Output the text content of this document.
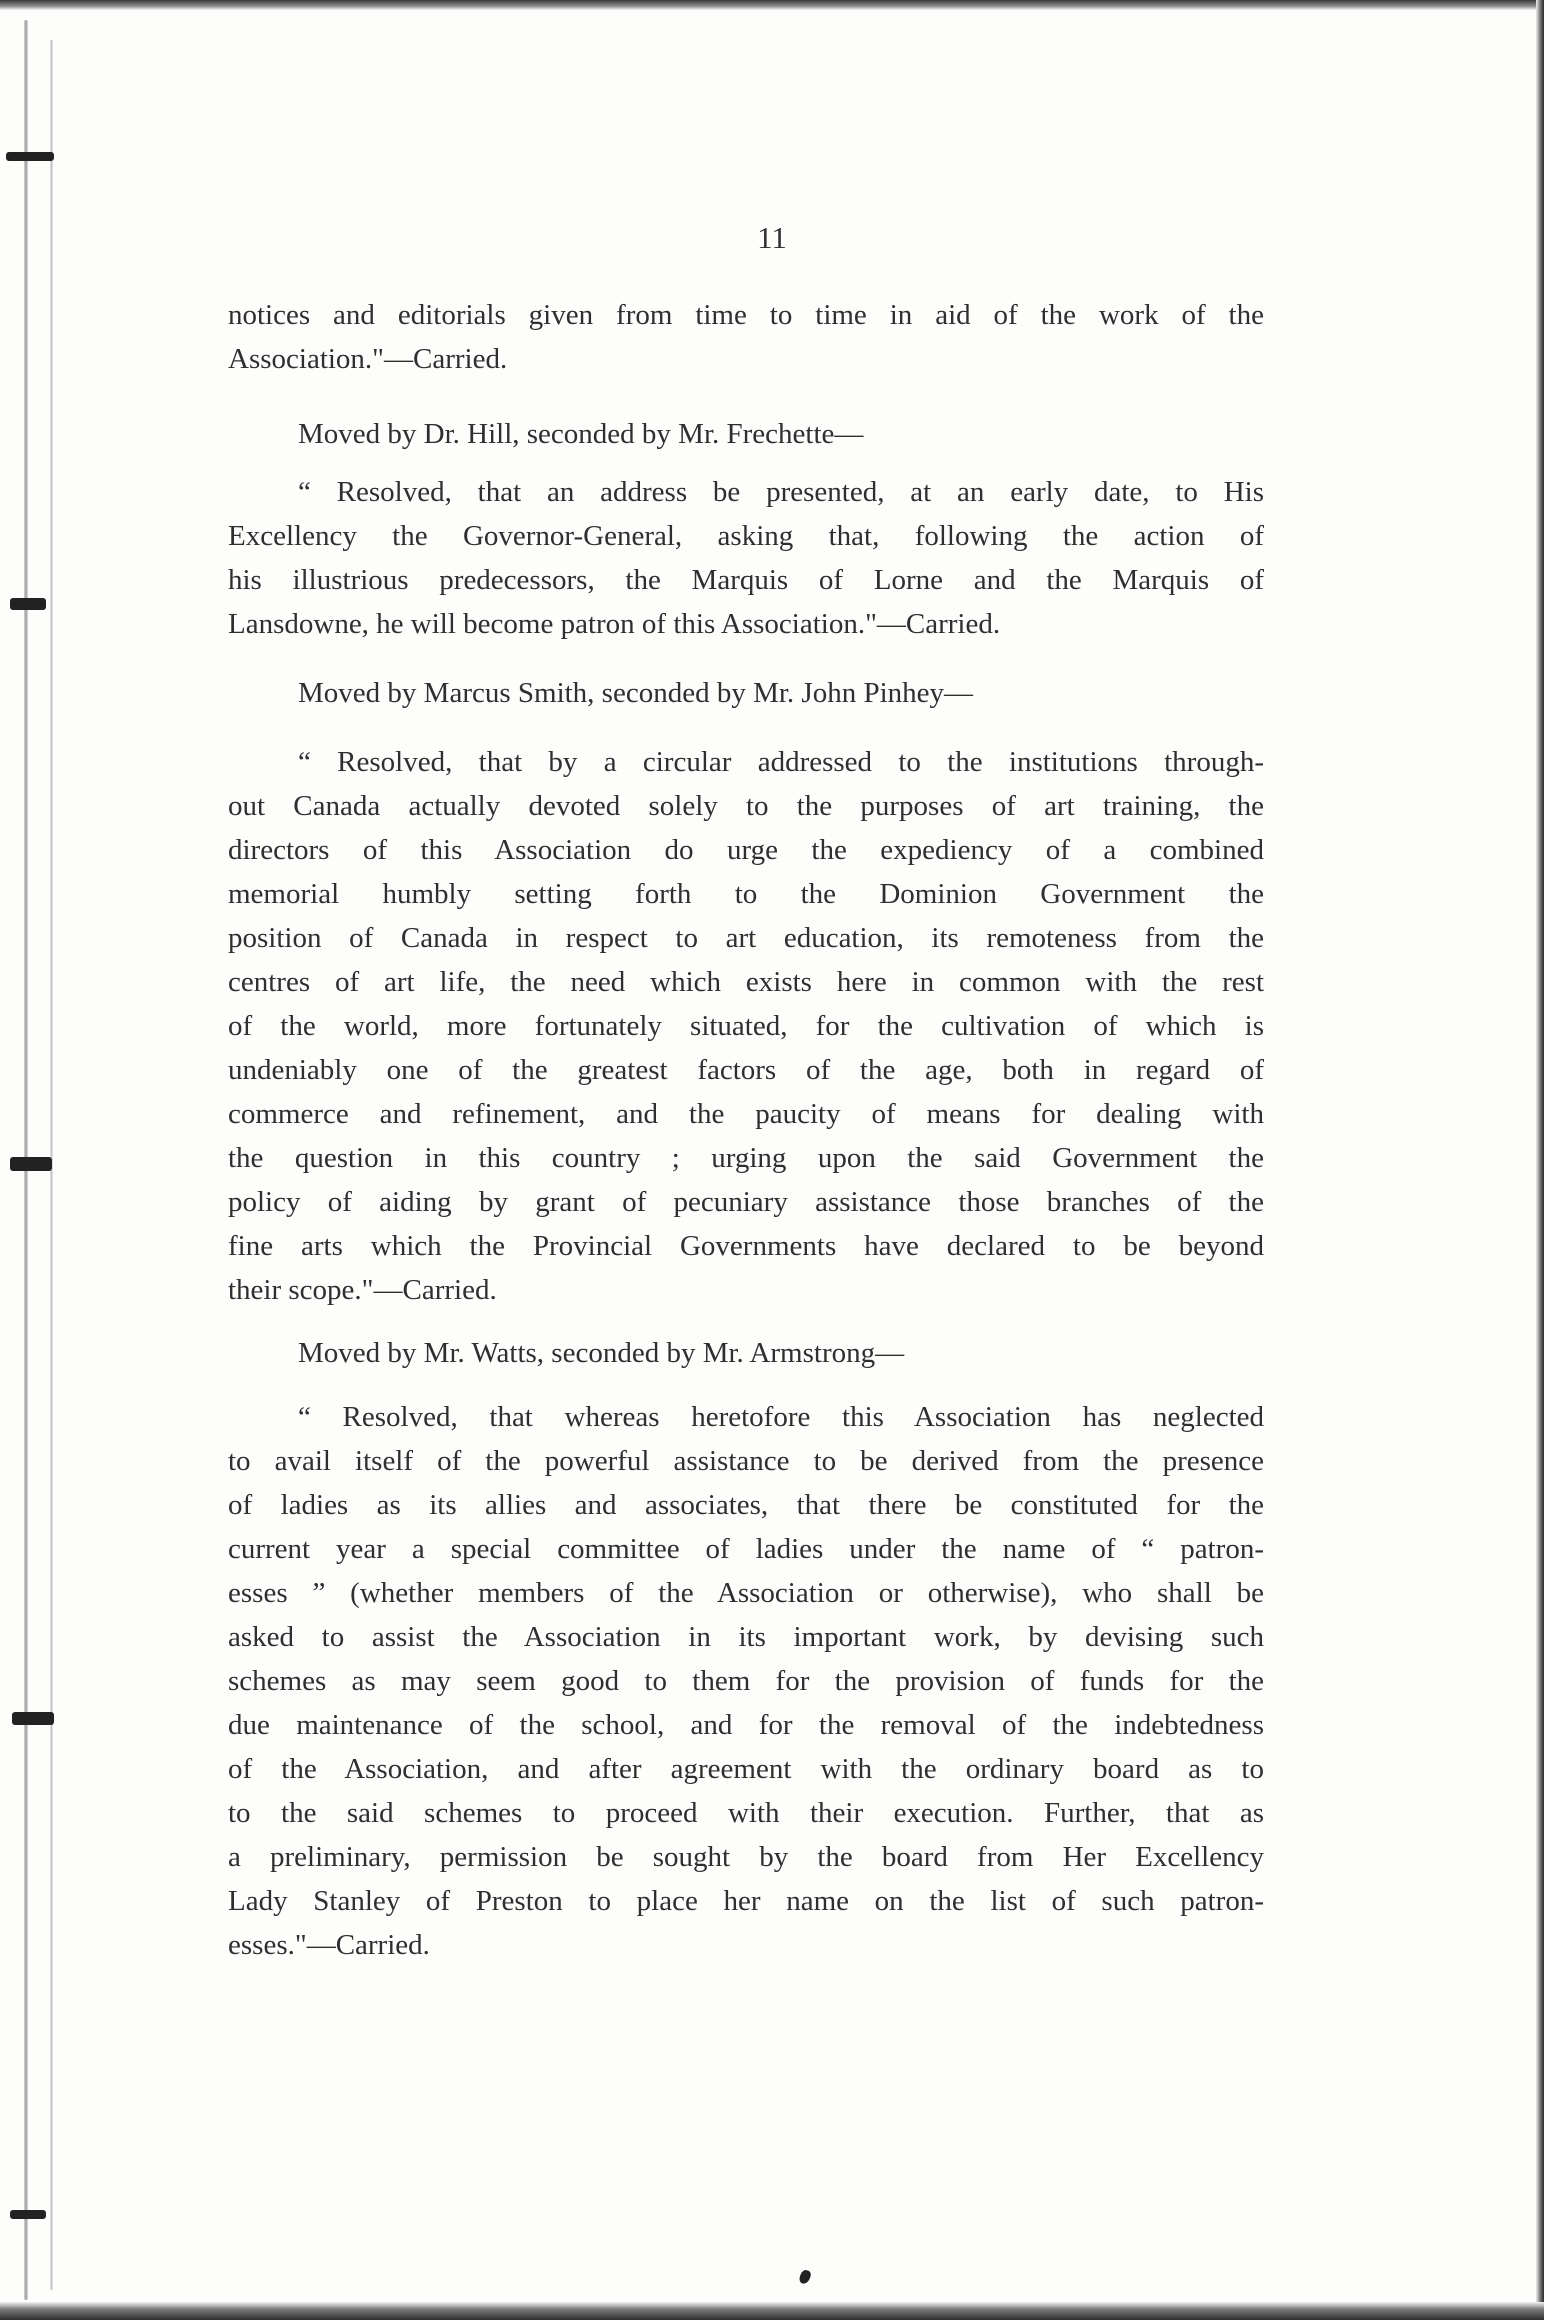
11
notices and editorials given from time to time in aid of the work of the
Association."—Carried.
Moved by Dr. Hill, seconded by Mr. Frechette—
“ Resolved, that an address be presented, at an early date, to His
Excellency the Governor-General, asking that, following the action of
his illustrious predecessors, the Marquis of Lorne and the Marquis of
Lansdowne, he will become patron of this Association."—Carried.
Moved by Marcus Smith, seconded by Mr. John Pinhey—
“ Resolved, that by a circular addressed to the institutions through-
out Canada actually devoted solely to the purposes of art training, the
directors of this Association do urge the expediency of a combined
memorial humbly setting forth to the Dominion Government the
position of Canada in respect to art education, its remoteness from the
centres of art life, the need which exists here in common with the rest
of the world, more fortunately situated, for the cultivation of which is
undeniably one of the greatest factors of the age, both in regard of
commerce and refinement, and the paucity of means for dealing with
the question in this country ; urging upon the said Government the
policy of aiding by grant of pecuniary assistance those branches of the
fine arts which the Provincial Governments have declared to be beyond
their scope."—Carried.
Moved by Mr. Watts, seconded by Mr. Armstrong—
“ Resolved, that whereas heretofore this Association has neglected
to avail itself of the powerful assistance to be derived from the presence
of ladies as its allies and associates, that there be constituted for the
current year a special committee of ladies under the name of “ patron-
esses ” (whether members of the Association or otherwise), who shall be
asked to assist the Association in its important work, by devising such
schemes as may seem good to them for the provision of funds for the
due maintenance of the school, and for the removal of the indebtedness
of the Association, and after agreement with the ordinary board as to
to the said schemes to proceed with their execution. Further, that as
a preliminary, permission be sought by the board from Her Excellency
Lady Stanley of Preston to place her name on the list of such patron-
esses."—Carried.
